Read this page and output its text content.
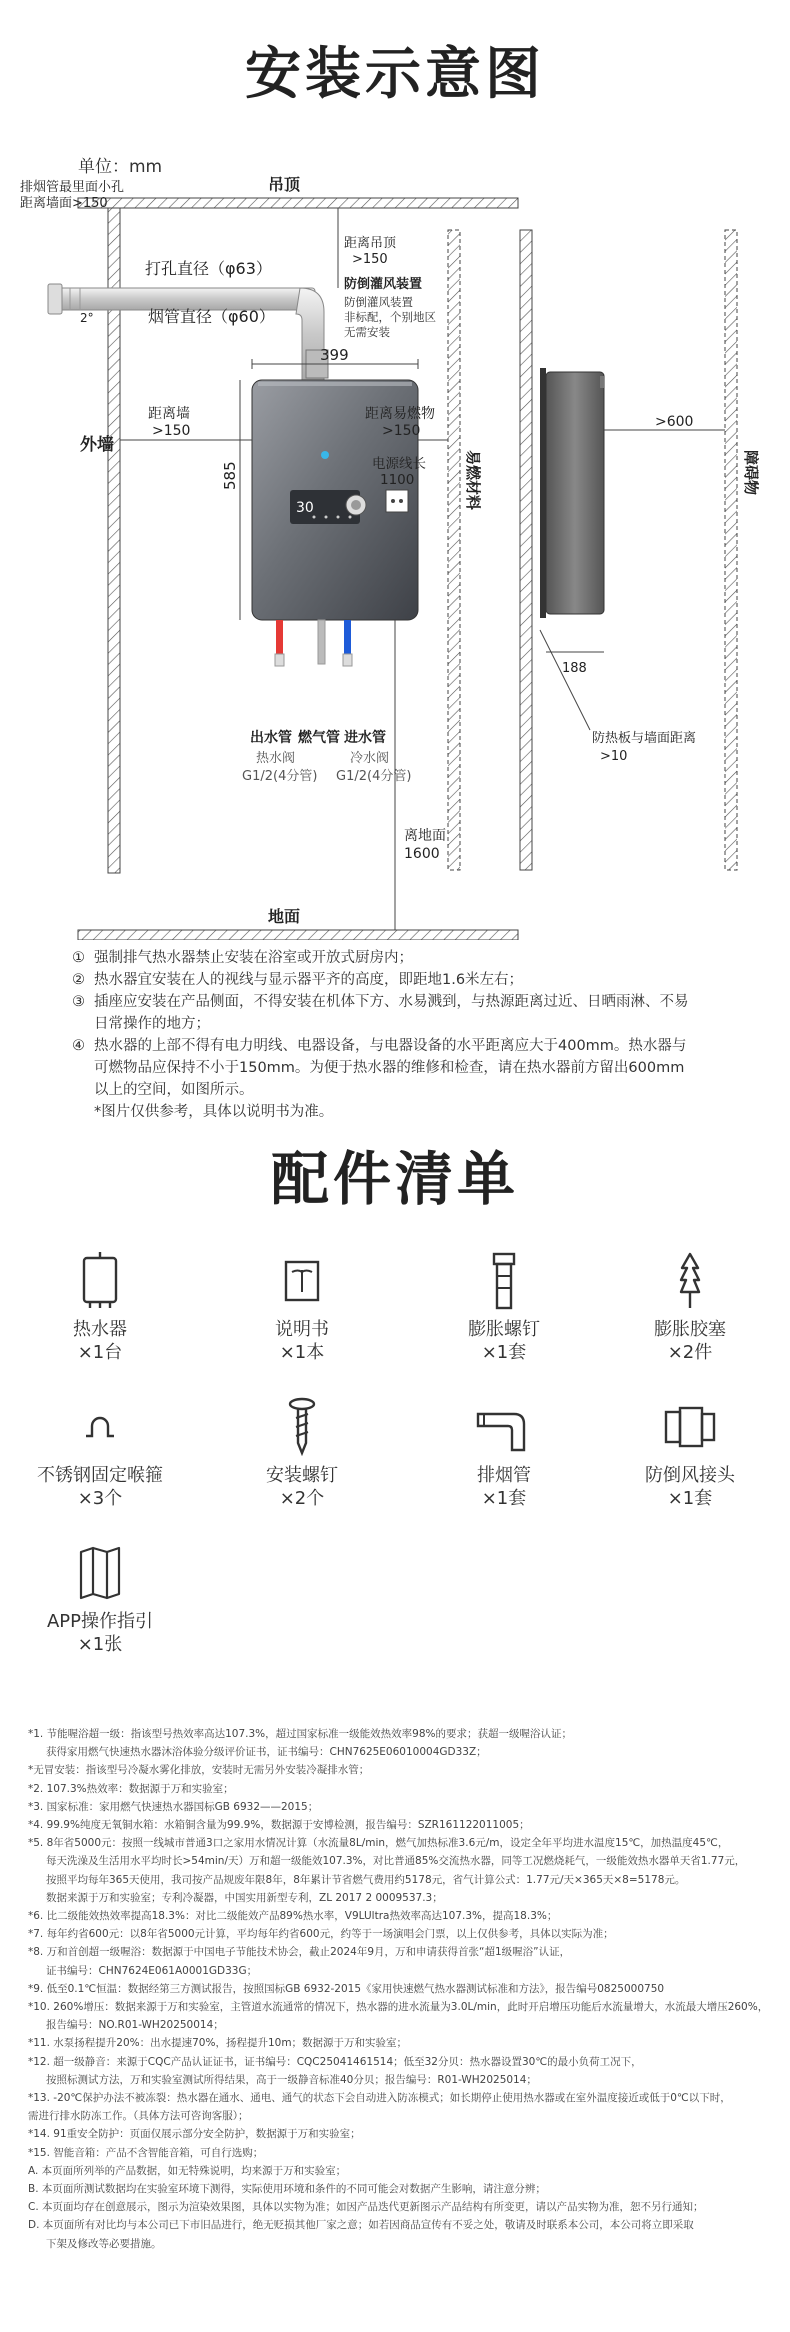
安装示意图
单位：mm
吊顶
地面
外墙
易燃材料
30
399
585
排烟管最里面小孔
距离墙面>150
打孔直径（φ63）
烟管直径（φ60）
2°
距离吊顶
>150
防倒灌风装置
防倒灌风装置
非标配，个别地区
无需安装
距离墙
>150
距离易燃物
>150
电源线长
1100
出水管 燃气管 进水管
热水阀
G1/2(4分管)
冷水阀
G1/2(4分管)
离地面
1600
障碍物
>600
188
防热板与墙面距离
>10
① 强制排气热水器禁止安装在浴室或开放式厨房内；
② 热水器宜安装在人的视线与显示器平齐的高度，即距地1.6米左右；
③ 插座应安装在产品侧面，不得安装在机体下方、水易溅到，与热源距离过近、日晒雨淋、不易
日常操作的地方；
④ 热水器的上部不得有电力明线、电器设备，与电器设备的水平距离应大于400mm。热水器与
可燃物品应保持不小于150mm。为便于热水器的维修和检查，请在热水器前方留出600mm
以上的空间，如图所示。
*图片仅供参考，具体以说明书为准。
配件清单
热水器
×1台
说明书
×1本
膨胀螺钉
×1套
膨胀胶塞
×2件
不锈钢固定喉箍
×3个
安装螺钉
×2个
排烟管
×1套
防倒风接头
×1套
APP操作指引
×1张
*1. 节能喔浴超一级：指该型号热效率高达107.3%，超过国家标准一级能效热效率98%的要求；获超一级喔浴认证；
获得家用燃气快速热水器沐浴体验分级评价证书，证书编号：CHN7625E06010004GD33Z；
*无冒安装：指该型号冷凝水雾化排放，安装时无需另外安装冷凝排水管；
*2. 107.3%热效率：数据源于万和实验室；
*3. 国家标准：家用燃气快速热水器国标GB 6932——2015；
*4. 99.9%纯度无氧铜水箱：水箱铜含量为99.9%，数据源于安博检测，报告编号：SZR161122011005；
*5. 8年省5000元：按照一线城市普通3口之家用水情况计算（水流量8L/min，燃气加热标准3.6元/m，设定全年平均进水温度15℃，加热温度45℃，
每天洗澡及生活用水平均时长>54min/天）万和超一级能效107.3%，对比普通85%交流热水器，同等工况燃烧耗气，一级能效热水器单天省1.77元，
按照平均每年365天使用，我司按产品规废年限8年，8年累计节省燃气费用约5178元，省气计算公式：1.77元/天×365天×8=5178元。
数据来源于万和实验室；专利冷凝器，中国实用新型专利，ZL 2017 2 0009537.3；
*6. 比二级能效热效率提高18.3%：对比二级能效产品89%热水率，V9LUltra热效率高达107.3%，提高18.3%；
*7. 每年约省600元：以8年省5000元计算，平均每年约省600元，约等于一场演唱会门票，以上仅供参考，具体以实际为准；
*8. 万和首创超一级喔浴：数据源于中国电子节能技术协会，截止2024年9月，万和申请获得首张“超1级喔浴”认证，
证书编号：CHN7624E061A0001GD33G；
*9. 低至0.1℃恒温：数据经第三方测试报告，按照国标GB 6932-2015《家用快速燃气热水器测试标准和方法》，报告编号0825000750
*10. 260%增压：数据来源于万和实验室，主管道水流通常的情况下，热水器的进水流量为3.0L/min，此时开启增压功能后水流量增大，水流最大增压260%，
报告编号：NO.R01-WH20250014；
*11. 水泵扬程提升20%：出水提速70%，扬程提升10m；数据源于万和实验室；
*12. 超一级静音：来源于CQC产品认证证书，证书编号：CQC25041461514；低至32分贝：热水器设置30℃的最小负荷工况下，
按照标测试方法，万和实验室测试所得结果，高于一级静音标准40分贝；报告编号：R01-WH2025014；
*13. -20℃保护办法不被冻裂：热水器在通水、通电、通气的状态下会自动进入防冻模式；如长期停止使用热水器或在室外温度接近或低于0℃以下时，
需进行排水防冻工作。（具体方法可咨询客服）；
*14. 91重安全防护：页面仅展示部分安全防护，数据源于万和实验室；
*15. 智能音箱：产品不含智能音箱，可自行选购；
A. 本页面所列举的产品数据，如无特殊说明，均来源于万和实验室；
B. 本页面所测试数据均在实验室环境下测得，实际使用环境和条件的不同可能会对数据产生影响，请注意分辨；
C. 本页面均存在创意展示，图示为渲染效果图，具体以实物为准；如因产品迭代更新图示产品结构有所变更，请以产品实物为准，恕不另行通知；
D. 本页面所有对比均与本公司已下市旧品进行，绝无贬损其他厂家之意；如若因商品宣传有不妥之处，敬请及时联系本公司，本公司将立即采取
下架及修改等必要措施。
